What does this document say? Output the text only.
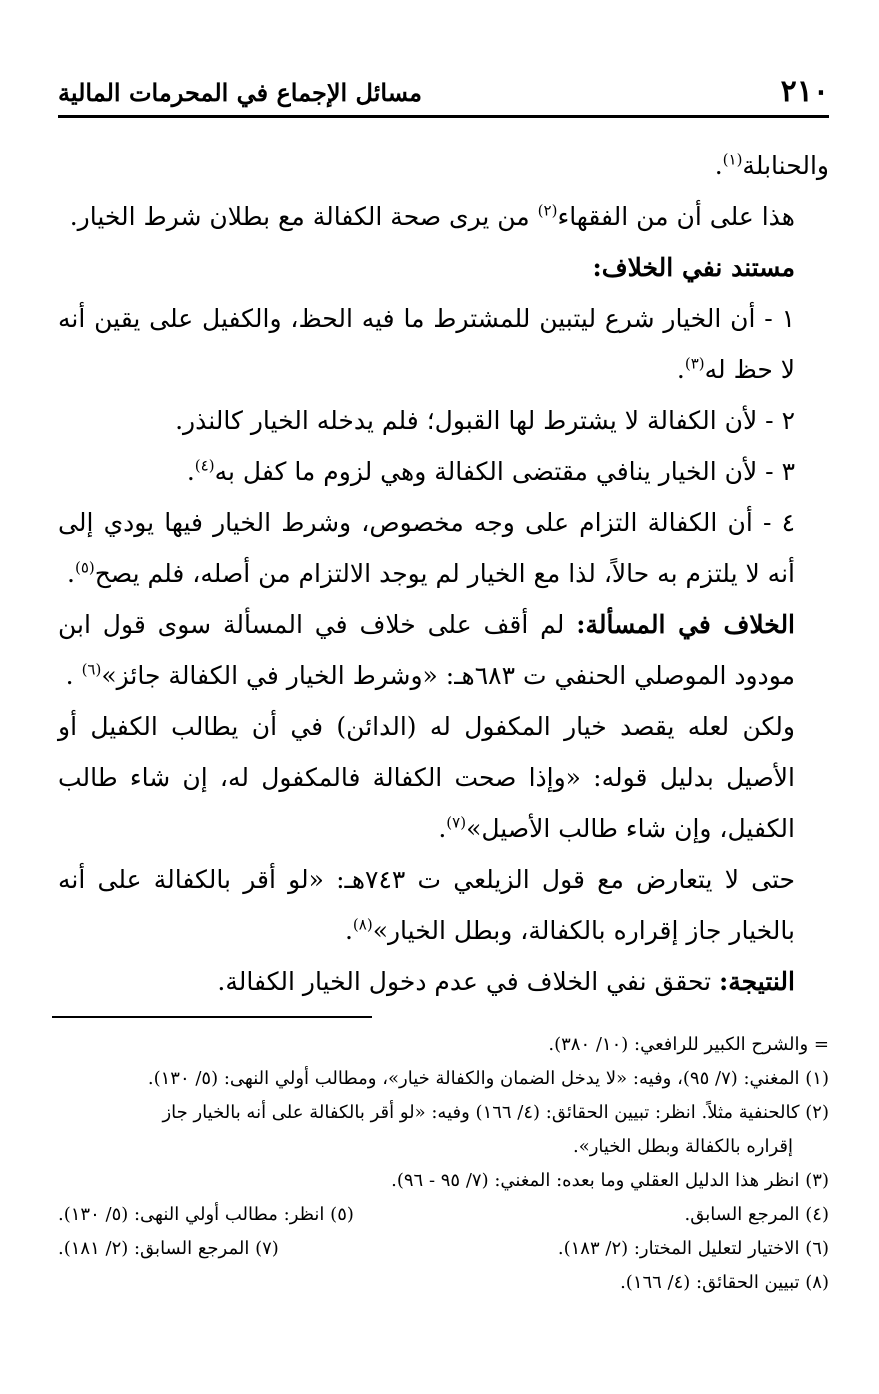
٢١٠
مسائل الإجماع في المحرمات المالية

والحنابلة$^{(١)}$.

هذا على أن من الفقهاء$^{(٢)}$ من يرى صحة الكفالة مع بطلان شرط الخيار.

مستند نفي الخلاف:

١ - أن الخيار شرع ليتبين للمشترط ما فيه الحظ، والكفيل على يقين أنه لا حظ له$^{(٣)}$.

٢ - لأن الكفالة لا يشترط لها القبول؛ فلم يدخله الخيار كالنذر.

٣ - لأن الخيار ينافي مقتضى الكفالة وهي لزوم ما كفل به$^{(٤)}$.

٤ - أن الكفالة التزام على وجه مخصوص، وشرط الخيار فيها يودي إلى أنه لا يلتزم به حالاً، لذا مع الخيار لم يوجد الالتزام من أصله، فلم يصح$^{(٥)}$.

الخلاف في المسألة: لم أقف على خلاف في المسألة سوى قول ابن مودود الموصلي الحنفي ت ٦٨٣هـ: «وشرط الخيار في الكفالة جائز»$^{(٦)}$ .

ولكن لعله يقصد خيار المكفول له (الدائن) في أن يطالب الكفيل أو الأصيل بدليل قوله: «وإذا صحت الكفالة فالمكفول له، إن شاء طالب الكفيل، وإن شاء طالب الأصيل»$^{(٧)}$.

حتى لا يتعارض مع قول الزيلعي ت ٧٤٣هـ: «لو أقر بالكفالة على أنه بالخيار جاز إقراره بالكفالة، وبطل الخيار»$^{(٨)}$.

النتيجة: تحقق نفي الخلاف في عدم دخول الخيار الكفالة.

= والشرح الكبير للرافعي: (١٠/ ٣٨٠).

(١) المغني: (٧/ ٩٥)، وفيه: «لا يدخل الضمان والكفالة خيار»، ومطالب أولي النهى: (٥/ ١٣٠).

(٢) كالحنفية مثلاً. انظر: تبيين الحقائق: (٤/ ١٦٦) وفيه: «لو أقر بالكفالة على أنه بالخيار جاز

إقراره بالكفالة وبطل الخيار».

(٣) انظر هذا الدليل العقلي وما بعده: المغني: (٧/ ٩٥ - ٩٦).

(٤) المرجع السابق.
(٥) انظر: مطالب أولي النهى: (٥/ ١٣٠).
(٦) الاختيار لتعليل المختار: (٢/ ١٨٣).
(٧) المرجع السابق: (٢/ ١٨١).

(٨) تبيين الحقائق: (٤/ ١٦٦).
